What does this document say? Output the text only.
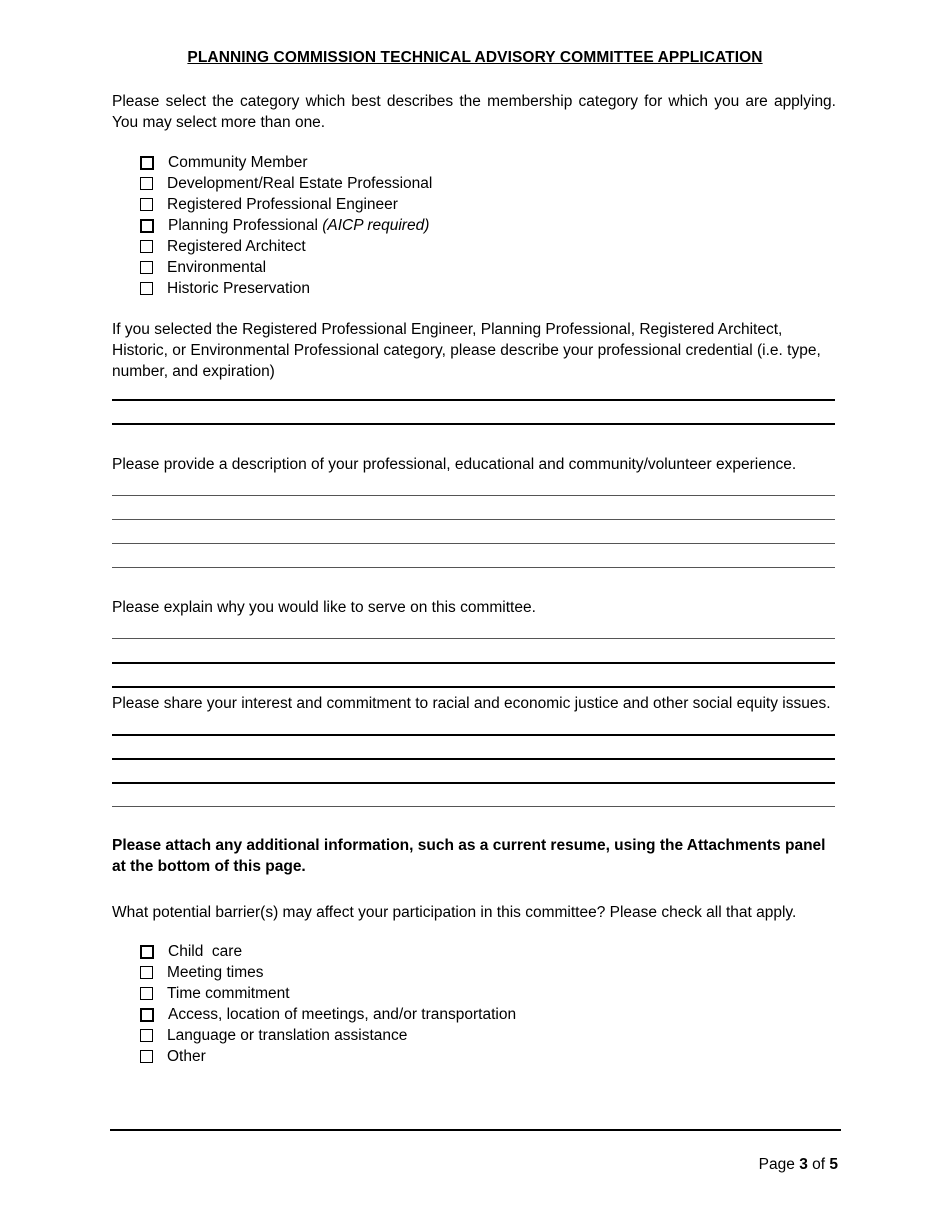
PLANNING COMMISSION TECHNICAL ADVISORY COMMITTEE APPLICATION
Please select the category which best describes the membership category for which you are applying. You may select more than one.
Community Member
Development/Real Estate Professional
Registered Professional Engineer
Planning Professional
(AICP required)
Registered Architect
Environmental
Historic Preservation
If you selected the Registered Professional Engineer, Planning Professional, Registered Architect, Historic, or Environmental Professional category, please describe your professional credential (i.e. type, number, and expiration)
Please provide a description of your professional, educational and community/volunteer experience.
Please explain why you would like to serve on this committee.
Please share your interest and commitment to racial and economic justice and other social equity issues.
Please attach any additional information, such as a current resume, using the Attachments panel at the bottom of this page.
What potential barrier(s) may affect your participation in this committee? Please check all that apply.
Child  care
Meeting times
Time commitment
Access, location of meetings, and/or transportation
Language or translation assistance
Other
Page 3 of 5
